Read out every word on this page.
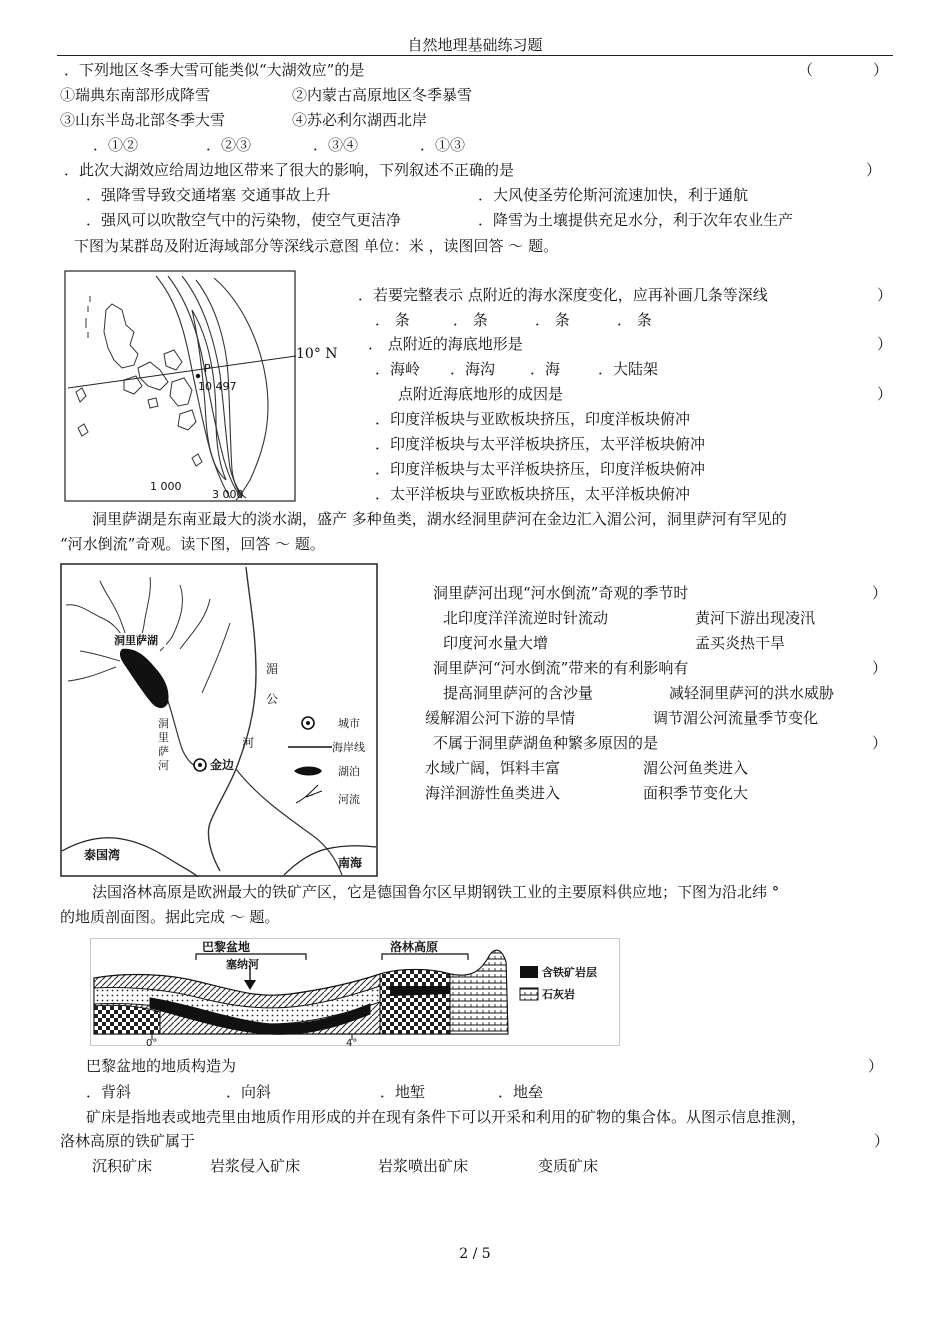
自然地理基础练习题
．下列地区冬季大雪可能类似“大湖效应”的是	（	）
①瑞典东南部形成降雪	②内蒙古高原地区冬季暴雪
③山东半岛北部冬季大雪	④苏必利尔湖西北岸
．①②	．②③	．③④	．①③
．此次大湖效应给周边地区带来了很大的影响，下列叙述不正确的是	）
．强降雪导致交通堵塞 交通事故上升	．大风使圣劳伦斯河流速加快，利于通航
．强风可以吹散空气中的污染物，使空气更洁净	．降雪为土壤提供充足水分，利于次年农业生产
下图为某群岛及附近海域部分等深线示意图 单位：米 ，读图回答 ～ 题。
P
10 497
1 000
3 000
10° N
．若要完整表示 点附近的海水深度变化，应再补画几条等深线	）
． 条	． 条	． 条	． 条
． 点附近的海底地形是	）
．海岭 ．海沟 ．海	．大陆架
点附近海底地形的成因是	）
．印度洋板块与亚欧板块挤压，印度洋板块俯冲
．印度洋板块与太平洋板块挤压，太平洋板块俯冲
．印度洋板块与太平洋板块挤压，印度洋板块俯冲
．太平洋板块与亚欧板块挤压，太平洋板块俯冲
洞里萨湖是东南亚最大的淡水湖，盛产 多种鱼类，湖水经洞里萨河在金边汇入湄公河，洞里萨河有罕见的
“河水倒流”奇观。读下图，回答 ～ 题。
洞里萨湖
洞
里
萨
河
湄
公
河
金边
泰国湾
南海
城市
海岸线
湖泊
河流
洞里萨河出现“河水倒流”奇观的季节时	）
北印度洋洋流逆时针流动	黄河下游出现凌汛
印度河水量大增	孟买炎热干旱
洞里萨河“河水倒流”带来的有利影响有	）
提高洞里萨河的含沙量	减轻洞里萨河的洪水威胁
缓解湄公河下游的旱情	调节湄公河流量季节变化
不属于洞里萨湖鱼种繁多原因的是	）
水域广阔，饵料丰富	湄公河鱼类进入
海洋洄游性鱼类进入	面积季节变化大
法国洛林高原是欧洲最大的铁矿产区，它是德国鲁尔区早期钢铁工业的主要原料供应地；下图为沿北纬 °
的地质剖面图。据此完成 ～ 题。
0°	4°
巴黎盆地
塞纳河
洛林高原
含铁矿岩层
石灰岩
巴黎盆地的地质构造为	）
．背斜	．向斜	．地堑	．地垒
矿床是指地表或地壳里由地质作用形成的并在现有条件下可以开采和利用的矿物的集合体。从图示信息推测，
洛林高原的铁矿属于	）
沉积矿床	岩浆侵入矿床	岩浆喷出矿床	变质矿床
2 / 5
